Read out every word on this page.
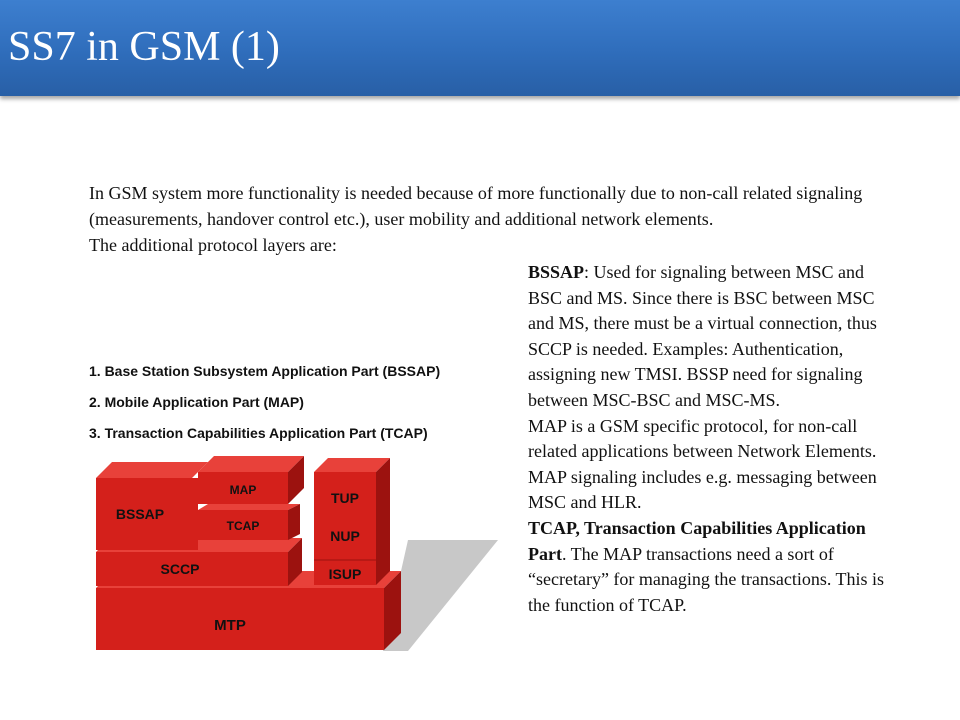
SS7 in GSM (1)

In GSM system more functionality is needed because of more functionally due to non-call related signaling (measurements, handover control etc.), user mobility and additional network elements.

The additional protocol layers are:

1. Base Station Subsystem Application Part (BSSAP)
2. Mobile Application Part (MAP)
3. Transaction Capabilities Application Part (TCAP)
MTP
SCCP
BSSAP
MAP
TCAP
TUP
NUP
ISUP
BSSAP: Used for signaling between MSC and BSC and MS. Since there is BSC between MSC and MS, there must be a virtual connection, thus SCCP is needed. Examples: Authentication, assigning new TMSI. BSSP need for signaling between MSC-BSC and MSC-MS.
MAP is a GSM specific protocol, for non-call related applications between Network Elements. MAP signaling includes e.g. messaging between MSC and HLR.
TCAP, Transaction Capabilities Application Part. The MAP transactions need a sort of “secretary” for managing the transactions. This is the function of TCAP.
